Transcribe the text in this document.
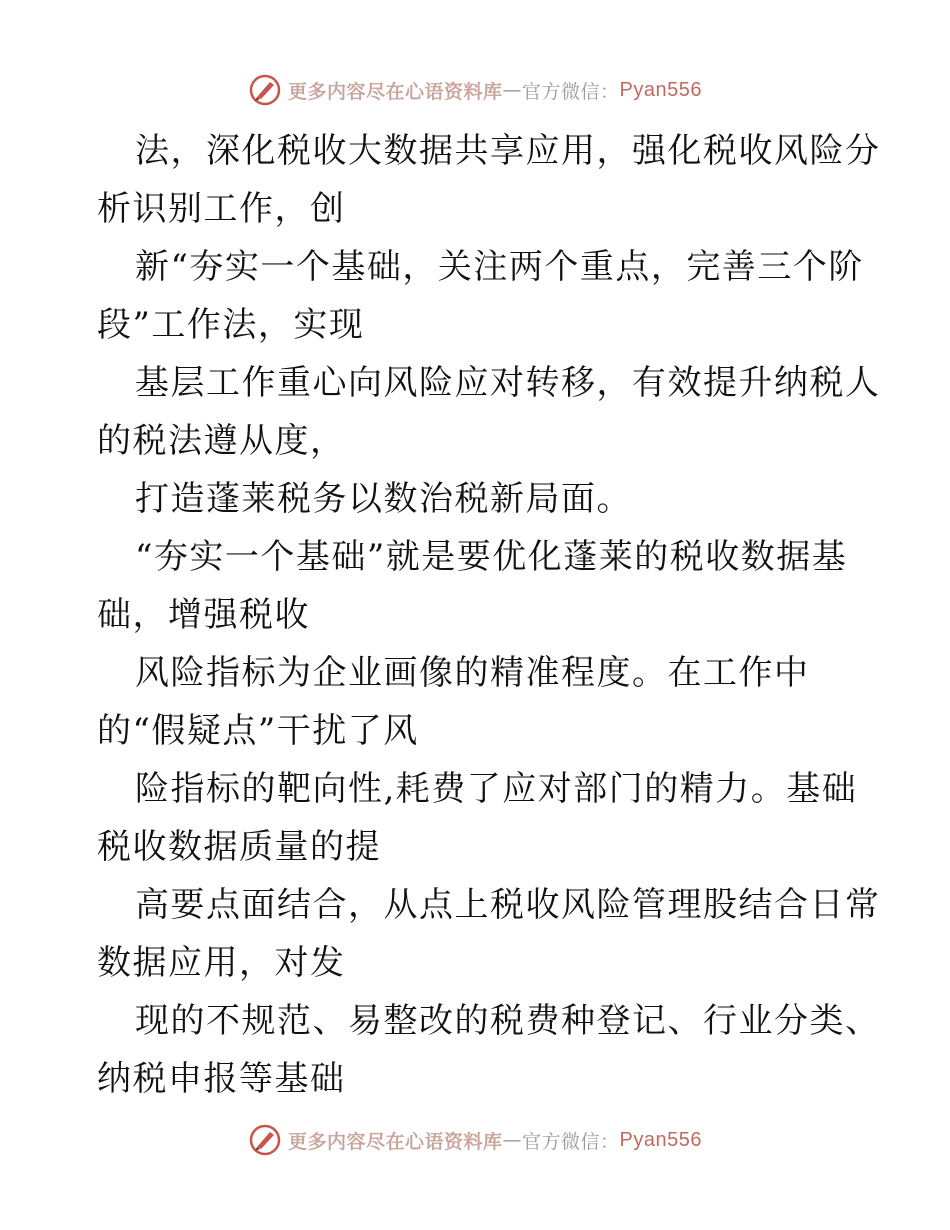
更多内容尽在心语资料库 — 官方微信： Pyan556
法，深化税收大数据共享应用，强化税收风险分
析识别工作，创
新“夯实一个基础，关注两个重点，完善三个阶
段”工作法，实现
基层工作重心向风险应对转移，有效提升纳税人
的税法遵从度，
打造蓬莱税务以数治税新局面。
“夯实一个基础”就是要优化蓬莱的税收数据基
础，增强税收
风险指标为企业画像的精准程度。在工作中
的“假疑点”干扰了风
险指标的靶向性,耗费了应对部门的精力。基础
税收数据质量的提
高要点面结合，从点上税收风险管理股结合日常
数据应用，对发
现的不规范、易整改的税费种登记、行业分类、
纳税申报等基础
更多内容尽在心语资料库 — 官方微信： Pyan556
